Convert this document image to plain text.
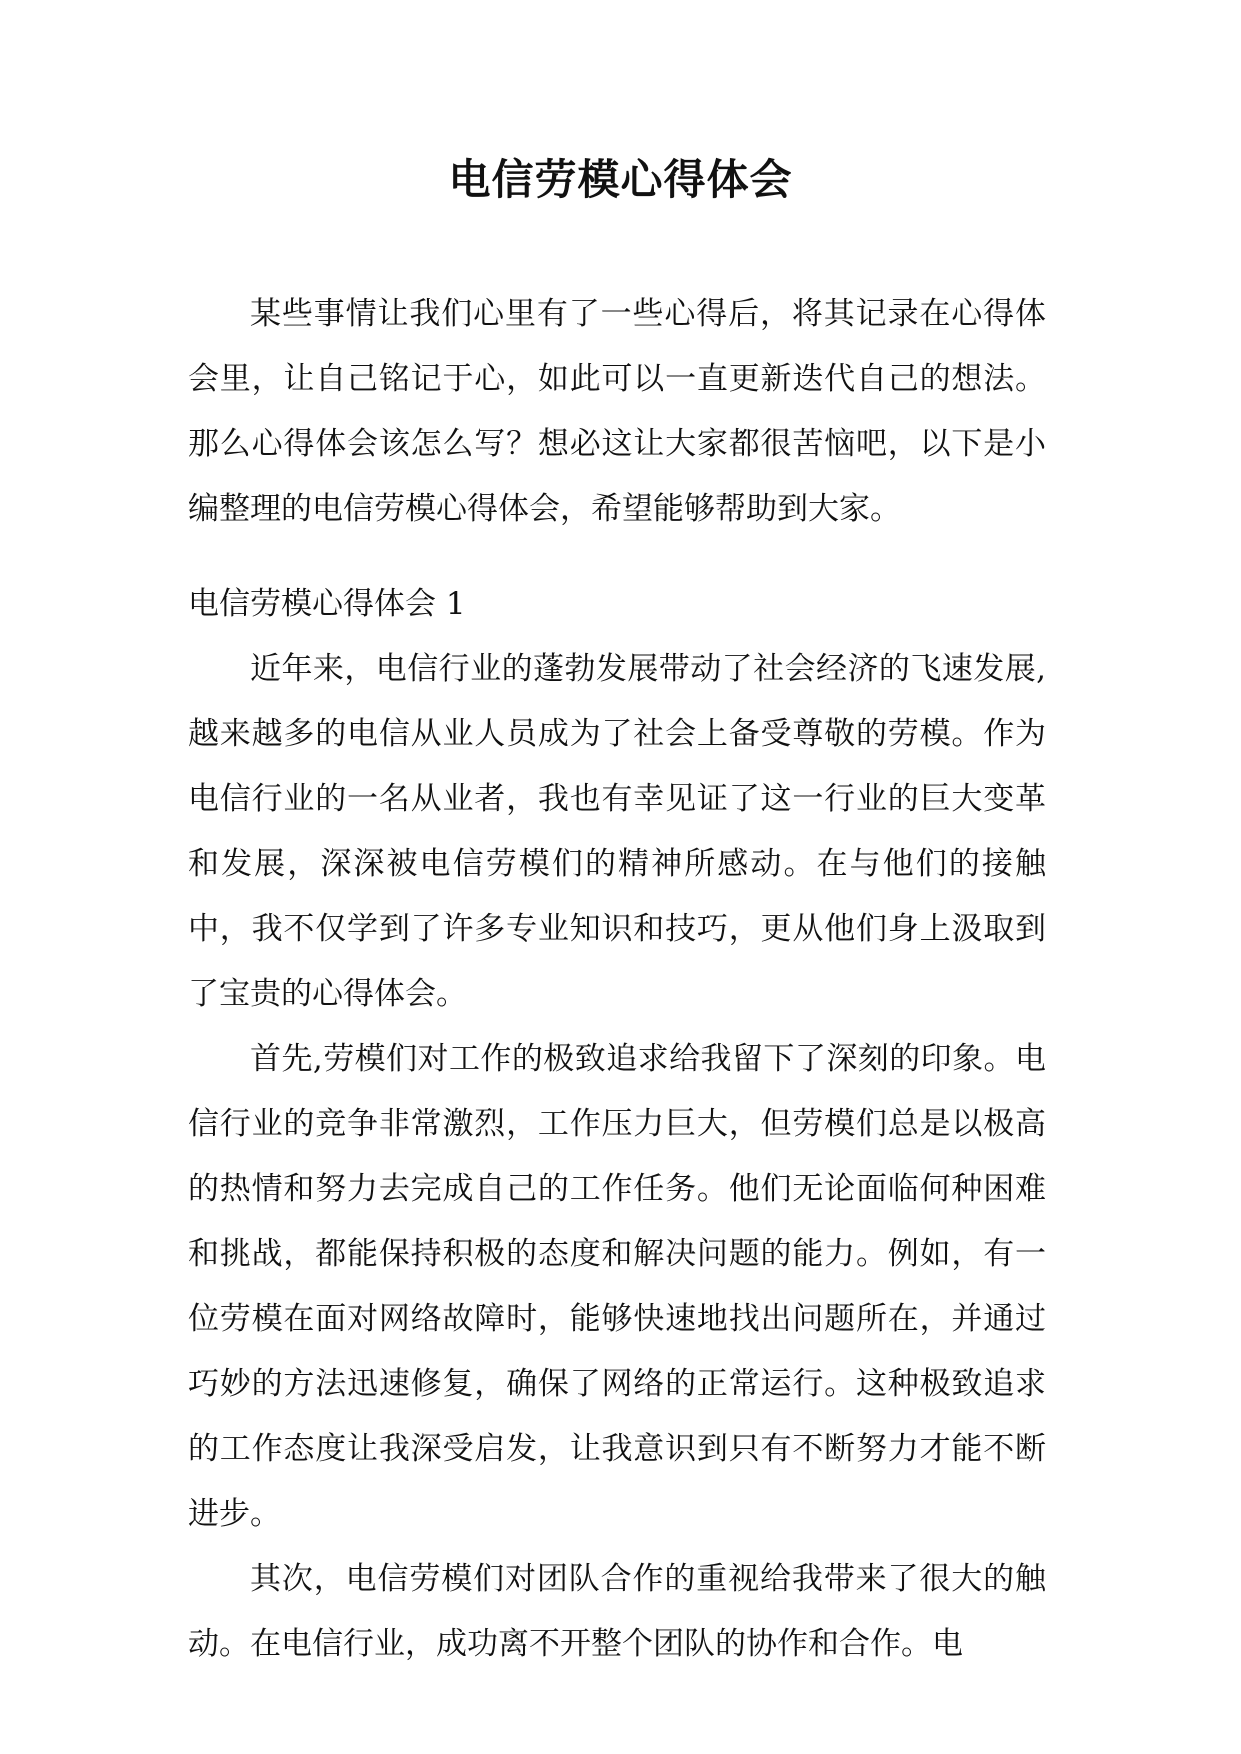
电信劳模心得体会

某些事情让我们心里有了一些心得后，将其记录在心得体会里，让自己铭记于心，如此可以一直更新迭代自己的想法。那么心得体会该怎么写？想必这让大家都很苦恼吧，以下是小编整理的电信劳模心得体会，希望能够帮助到大家。

电信劳模心得体会 1

近年来，电信行业的蓬勃发展带动了社会经济的飞速发展,越来越多的电信从业人员成为了社会上备受尊敬的劳模。作为电信行业的一名从业者，我也有幸见证了这一行业的巨大变革和发展，深深被电信劳模们的精神所感动。在与他们的接触中，我不仅学到了许多专业知识和技巧，更从他们身上汲取到了宝贵的心得体会。

首先,劳模们对工作的极致追求给我留下了深刻的印象。电信行业的竞争非常激烈，工作压力巨大，但劳模们总是以极高的热情和努力去完成自己的工作任务。他们无论面临何种困难和挑战，都能保持积极的态度和解决问题的能力。例如，有一位劳模在面对网络故障时，能够快速地找出问题所在，并通过巧妙的方法迅速修复，确保了网络的正常运行。这种极致追求的工作态度让我深受启发，让我意识到只有不断努力才能不断进步。

其次，电信劳模们对团队合作的重视给我带来了很大的触动。在电信行业，成功离不开整个团队的协作和合作。电
